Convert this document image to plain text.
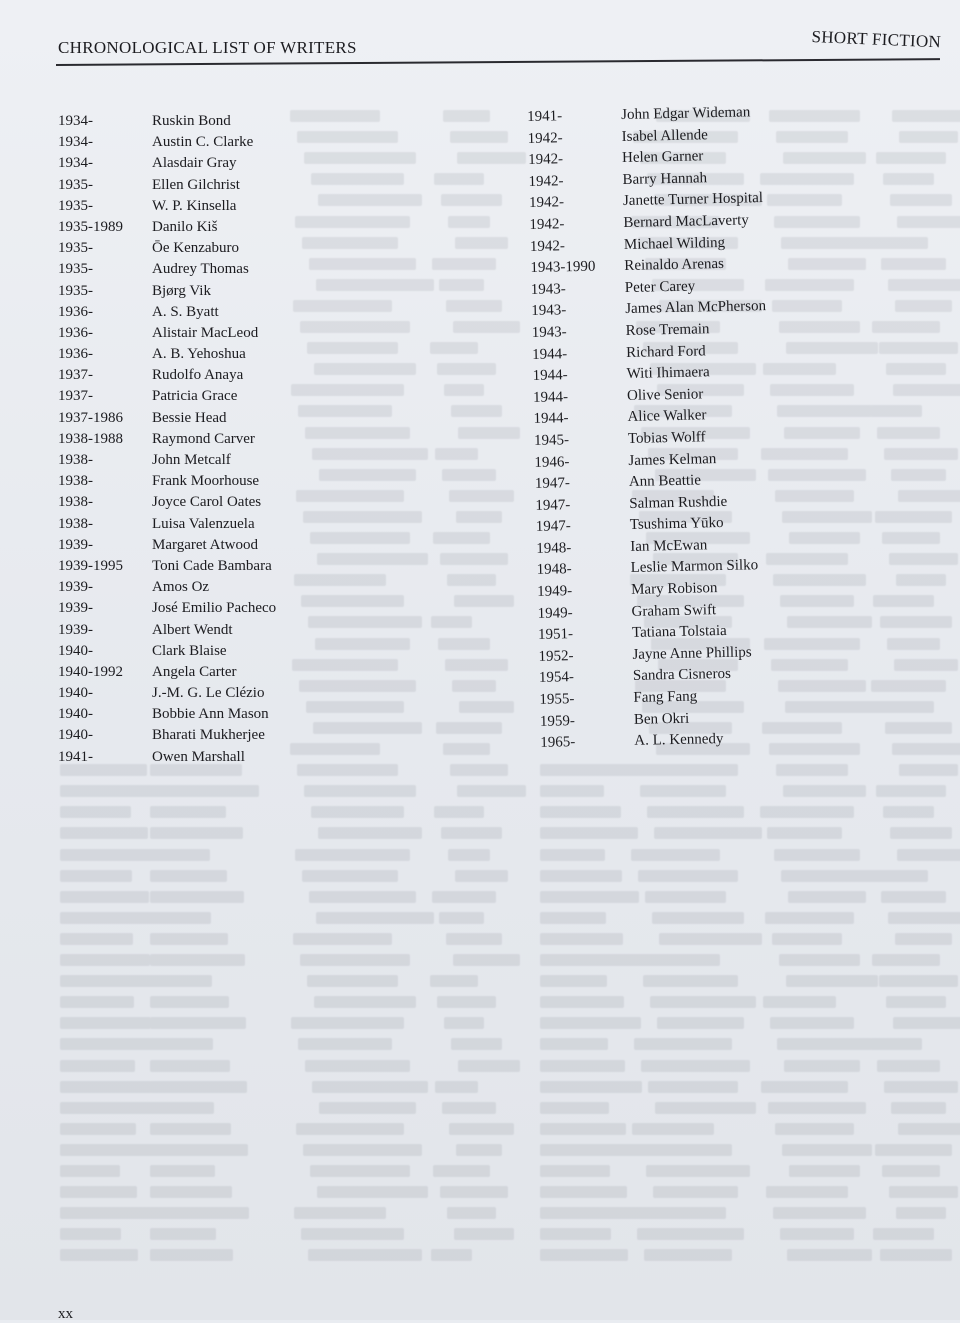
CHRONOLOGICAL LIST OF WRITERS	SHORT FICTION
1934-	Ruskin Bond
1934-	Austin C. Clarke
1934-	Alasdair Gray
1935-	Ellen Gilchrist
1935-	W. P. Kinsella
1935-1989	Danilo Kiš
1935-	Ōe Kenzaburo
1935-	Audrey Thomas
1935-	Bjørg Vik
1936-	A. S. Byatt
1936-	Alistair MacLeod
1936-	A. B. Yehoshua
1937-	Rudolfo Anaya
1937-	Patricia Grace
1937-1986	Bessie Head
1938-1988	Raymond Carver
1938-	John Metcalf
1938-	Frank Moorhouse
1938-	Joyce Carol Oates
1938-	Luisa Valenzuela
1939-	Margaret Atwood
1939-1995	Toni Cade Bambara
1939-	Amos Oz
1939-	José Emilio Pacheco
1939-	Albert Wendt
1940-	Clark Blaise
1940-1992	Angela Carter
1940-	J.-M. G. Le Clézio
1940-	Bobbie Ann Mason
1940-	Bharati Mukherjee
1941-	Owen Marshall
1941-	John Edgar Wideman
1942-	Isabel Allende
1942-	Helen Garner
1942-	Barry Hannah
1942-	Janette Turner Hospital
1942-	Bernard MacLaverty
1942-	Michael Wilding
1943-1990	Reinaldo Arenas
1943-	Peter Carey
1943-	James Alan McPherson
1943-	Rose Tremain
1944-	Richard Ford
1944-	Witi Ihimaera
1944-	Olive Senior
1944-	Alice Walker
1945-	Tobias Wolff
1946-	James Kelman
1947-	Ann Beattie
1947-	Salman Rushdie
1947-	Tsushima Yūko
1948-	Ian McEwan
1948-	Leslie Marmon Silko
1949-	Mary Robison
1949-	Graham Swift
1951-	Tatiana Tolstaia
1952-	Jayne Anne Phillips
1954-	Sandra Cisneros
1955-	Fang Fang
1959-	Ben Okri
1965-	A. L. Kennedy
xx
